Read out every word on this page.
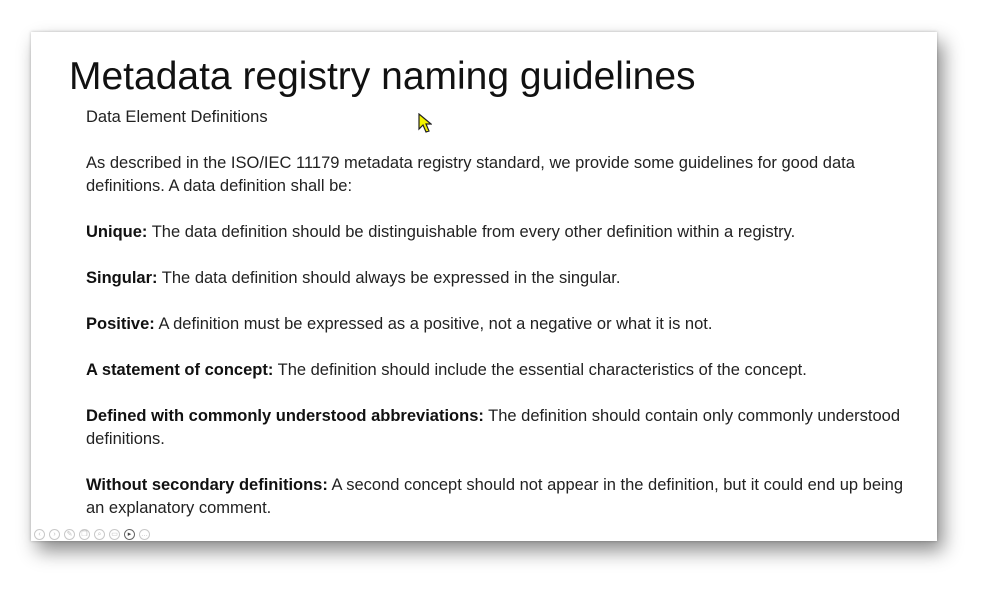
Metadata registry naming guidelines

Data Element Definitions

As described in the ISO/IEC 11179 metadata registry standard, we provide some guidelines for good data definitions. A data definition shall be:

Unique: The data definition should be distinguishable from every other definition within a registry.

Singular: The data definition should always be expressed in the singular.

Positive: A definition must be expressed as a positive, not a negative or what it is not.

A statement of concept: The definition should include the essential characteristics of the concept.

Defined with commonly understood abbreviations: The definition should contain only commonly understood definitions.

Without secondary definitions: A second concept should not appear in the definition, but it could end up being an explanatory comment.

‹	›	✎	❐	⌕	▭	▸	…
